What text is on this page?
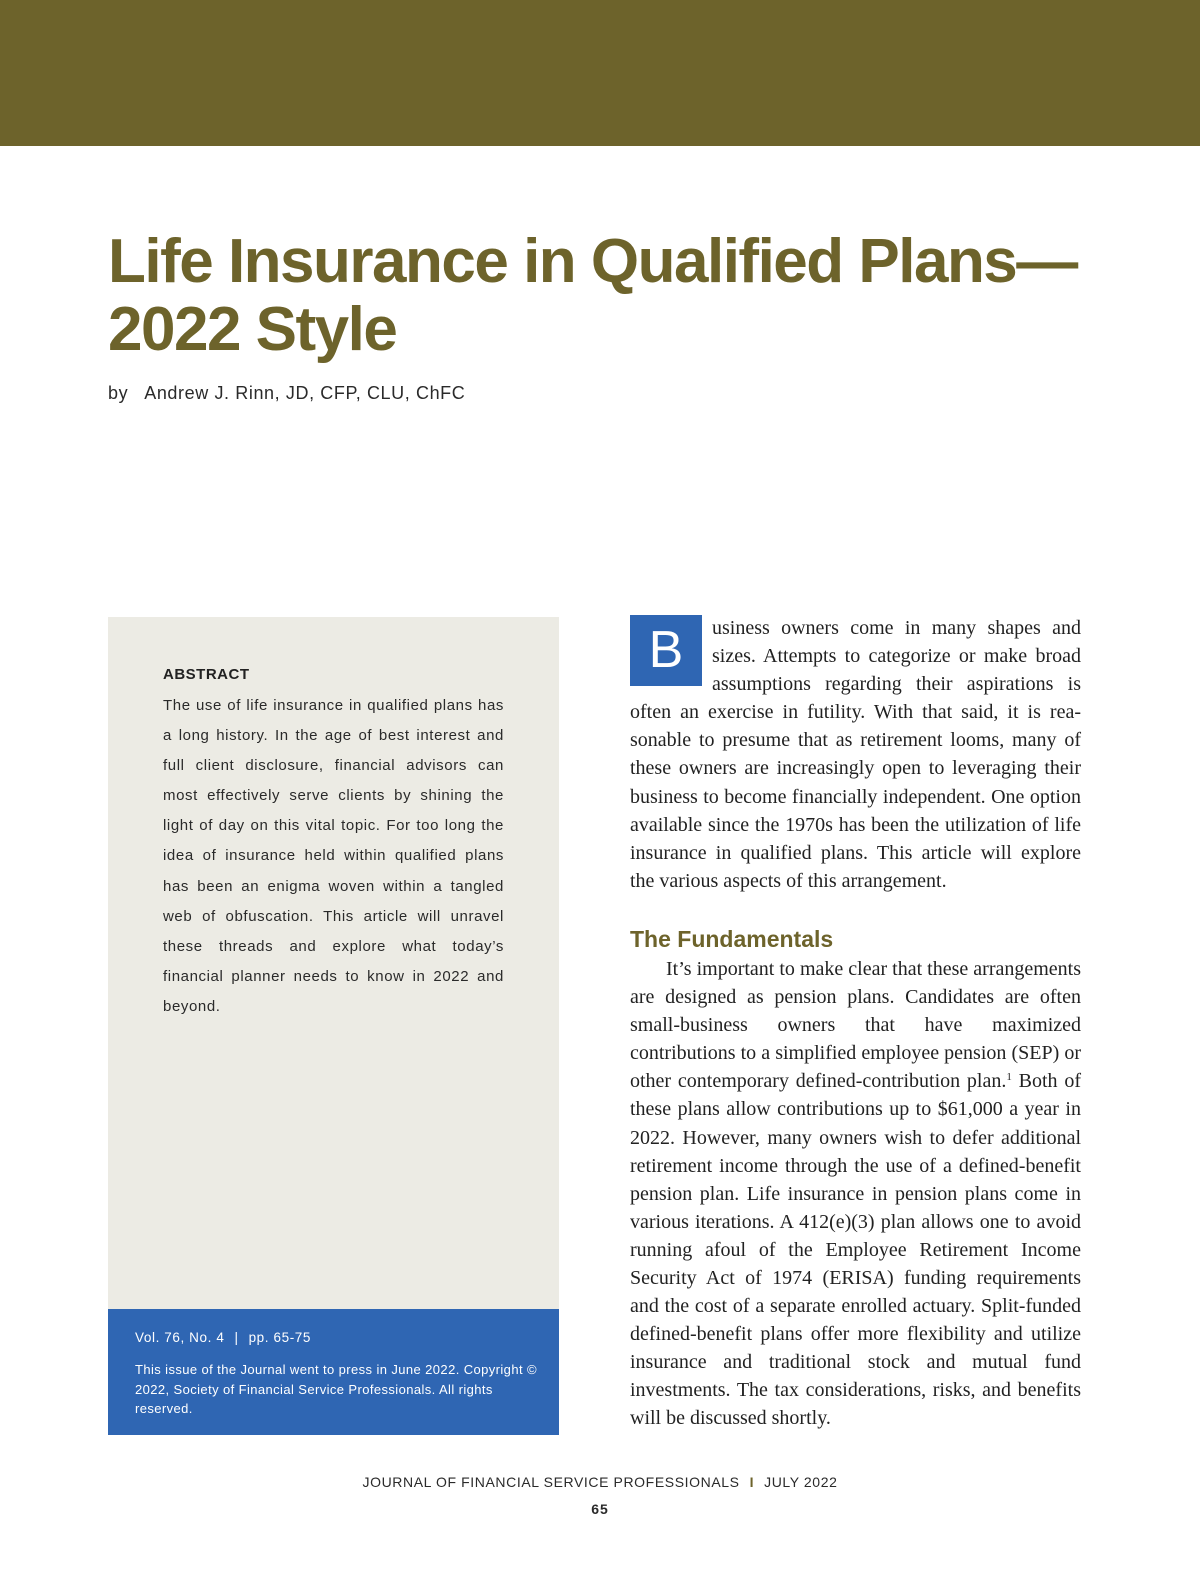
Life Insurance in Qualified Plans—
2022 Style
by Andrew J. Rinn, JD, CFP, CLU, ChFC
ABSTRACT

The use of life insurance in qualified plans has a long history. In the age of best interest and full client disclosure, financial advisors can most effectively serve clients by shining the light of day on this vital topic. For too long the idea of insurance held within qualified plans has been an enigma woven within a tangled web of obfuscation. This article will unravel these threads and explore what today’s financial planner needs to know in 2022 and beyond.

Vol. 76, No. 4 | pp. 65-75

This issue of the Journal went to press in June 2022. Copyright © 2022, Society of Financial Service Professionals. All rights reserved.

B	usiness owners come in many shapes and sizes. Attempts to categorize or make broad assumptions regarding their aspirations is often an exercise in futility. With that said, it is reasonable to presume that as retirement looms, many of these owners are increasingly open to leveraging their business to become financially independent. One option available since the 1970s has been the utilization of life insurance in qualified plans. This article will explore the various aspects of this arrangement.

The Fundamentals

It’s important to make clear that these arrangements are designed as pension plans. Candidates are often small-business owners that have maximized contributions to a simplified employee pension (SEP) or other contemporary defined-contribution plan.$^1$ Both of these plans allow contributions up to $61,000 a year in 2022. However, many owners wish to defer additional retirement income through the use of a defined-benefit pension plan. Life insurance in pension plans come in various iterations. A 412(e)(3) plan allows one to avoid running afoul of the Employee Retirement Income Security Act of 1974 (ERISA) funding requirements and the cost of a separate enrolled actuary. Split-funded defined-benefit plans offer more flexibility and utilize insurance and traditional stock and mutual fund investments. The tax considerations, risks, and benefits will be discussed shortly.

JOURNAL OF FINANCIAL SERVICE PROFESSIONALS I JULY 2022
65
